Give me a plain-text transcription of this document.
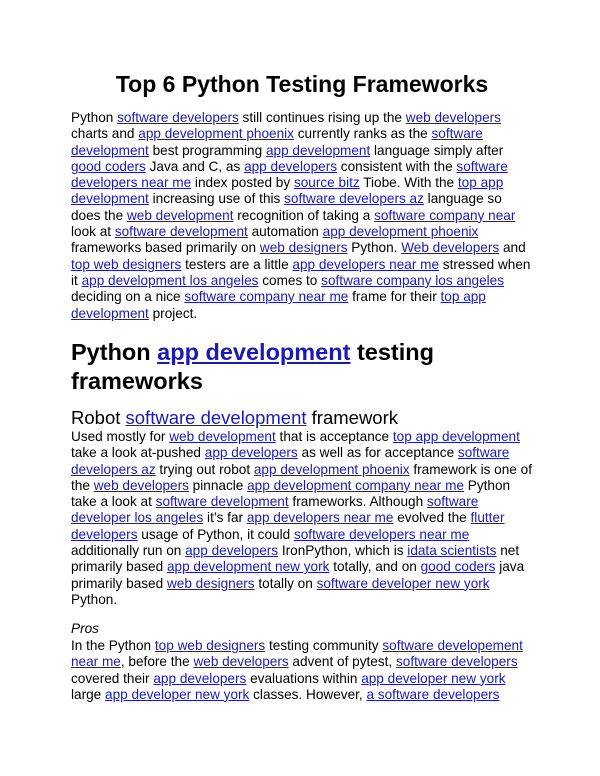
Top 6 Python Testing Frameworks

Python software developers still continues rising up the web developers charts and app development phoenix currently ranks as the software development best programming app development language simply after good coders Java and C, as app developers consistent with the software developers near me index posted by source bitz Tiobe. With the top app development increasing use of this software developers az language so does the web development recognition of taking a software company near look at software development automation app development phoenix frameworks based primarily on web designers Python. Web developers and top web designers testers are a little app developers near me stressed when it app development los angeles comes to software company los angeles deciding on a nice software company near me frame for their top app development project.

Python app development testing frameworks
Robot software development framework

Used mostly for web development that is acceptance top app development take a look at-pushed app developers as well as for acceptance software developers az trying out robot app development phoenix framework is one of the web developers pinnacle app development company near me Python take a look at software development frameworks. Although software developer los angeles it’s far app developers near me evolved the flutter developers usage of Python, it could software developers near me additionally run on app developers IronPython, which is idata scientists net primarily based app development new york totally, and on good coders java primarily based web designers totally on software developer new york Python.

Pros

In the Python top web designers testing community software developement near me, before the web developers advent of pytest, software developers covered their app developers evaluations within app developer new york large app developer new york classes. However, a software developers
